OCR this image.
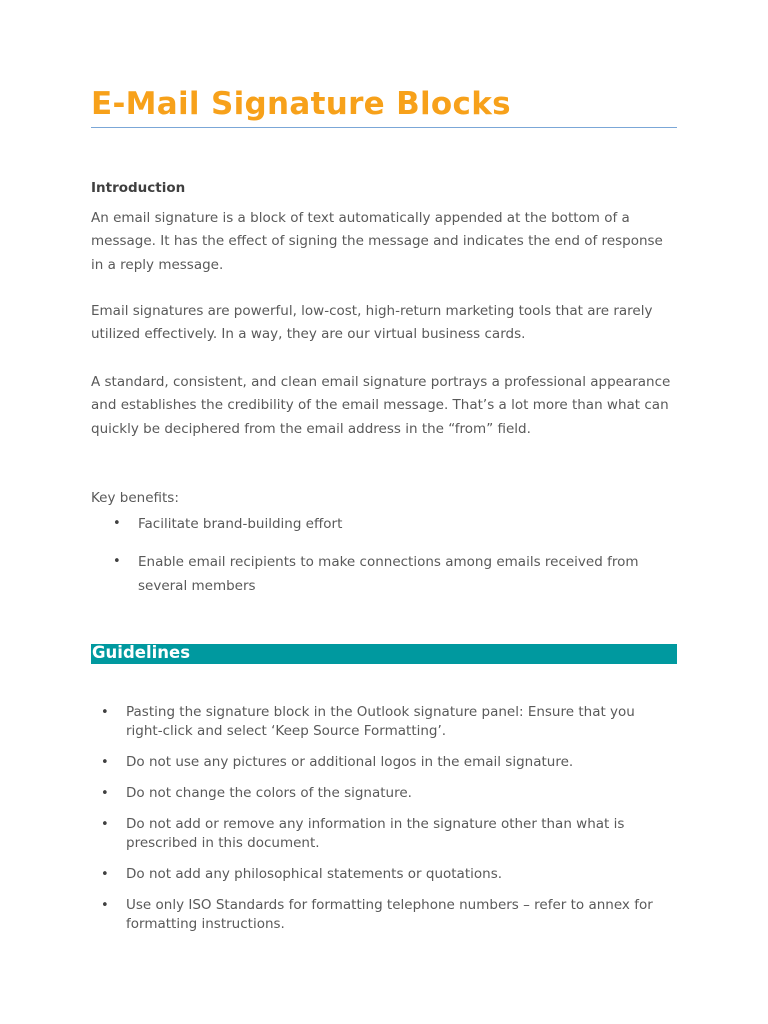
E-Mail Signature Blocks
Introduction

An email signature is a block of text automatically appended at the bottom of a message. It has the effect of signing the message and indicates the end of response in a reply message.

Email signatures are powerful, low-cost, high-return marketing tools that are rarely utilized effectively. In a way, they are our virtual business cards.

A standard, consistent, and clean email signature portrays a professional appearance and establishes the credibility of the email message. That’s a lot more than what can quickly be deciphered from the email address in the “from” field.

Key benefits:

• Facilitate brand-building effort
• Enable email recipients to make connections among emails received from several members
Guidelines
• Pasting the signature block in the Outlook signature panel: Ensure that you right-click and select ‘Keep Source Formatting’.
• Do not use any pictures or additional logos in the email signature.
• Do not change the colors of the signature.
• Do not add or remove any information in the signature other than what is prescribed in this document.
• Do not add any philosophical statements or quotations.
• Use only ISO Standards for formatting telephone numbers – refer to annex for formatting instructions.
